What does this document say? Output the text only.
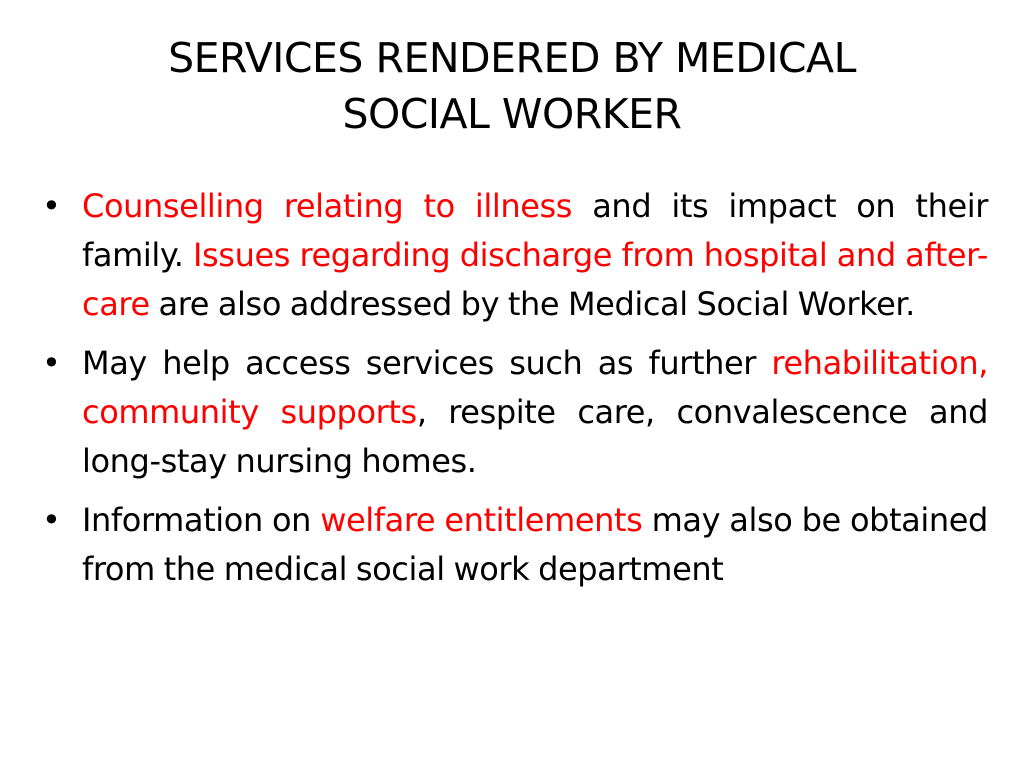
SERVICES RENDERED BY MEDICAL
SOCIAL WORKER
• Counselling relating to illness and its impact on their family. Issues regarding discharge from hospital and after-care are also addressed by the Medical Social Worker.
• May help access services such as further rehabilitation, community supports, respite care, convalescence and long-stay nursing homes.
• Information on welfare entitlements may also be obtained from the medical social work department
